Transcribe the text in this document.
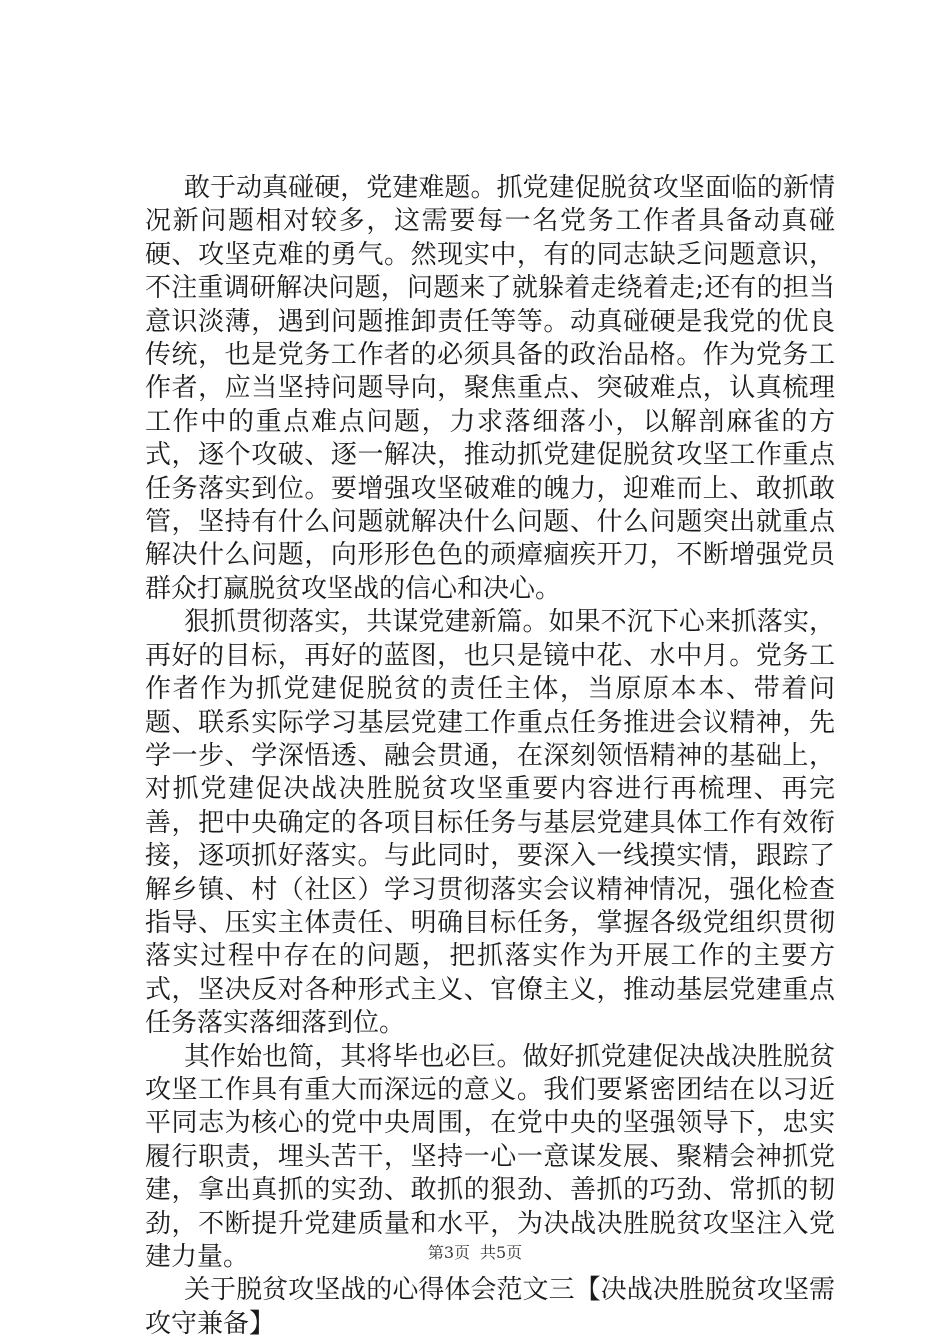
敢于动真碰硬，党建难题。抓党建促脱贫攻坚面临的新情况新问题相对较多，这需要每一名党务工作者具备动真碰硬、攻坚克难的勇气。然现实中，有的同志缺乏问题意识，不注重调研解决问题，问题来了就躲着走绕着走;还有的担当意识淡薄，遇到问题推卸责任等等。动真碰硬是我党的优良传统，也是党务工作者的必须具备的政治品格。作为党务工作者，应当坚持问题导向，聚焦重点、突破难点，认真梳理工作中的重点难点问题，力求落细落小，以解剖麻雀的方式，逐个攻破、逐一解决，推动抓党建促脱贫攻坚工作重点任务落实到位。要增强攻坚破难的魄力，迎难而上、敢抓敢管，坚持有什么问题就解决什么问题、什么问题突出就重点解决什么问题，向形形色色的顽瘴痼疾开刀，不断增强党员群众打赢脱贫攻坚战的信心和决心。

狠抓贯彻落实，共谋党建新篇。如果不沉下心来抓落实，再好的目标，再好的蓝图，也只是镜中花、水中月。党务工作者作为抓党建促脱贫的责任主体，当原原本本、带着问题、联系实际学习基层党建工作重点任务推进会议精神，先学一步、学深悟透、融会贯通，在深刻领悟精神的基础上，对抓党建促决战决胜脱贫攻坚重要内容进行再梳理、再完善，把中央确定的各项目标任务与基层党建具体工作有效衔接，逐项抓好落实。与此同时，要深入一线摸实情，跟踪了解乡镇、村（社区）学习贯彻落实会议精神情况，强化检查指导、压实主体责任、明确目标任务，掌握各级党组织贯彻落实过程中存在的问题，把抓落实作为开展工作的主要方式，坚决反对各种形式主义、官僚主义，推动基层党建重点任务落实落细落到位。

其作始也简，其将毕也必巨。做好抓党建促决战决胜脱贫攻坚工作具有重大而深远的意义。我们要紧密团结在以习近平同志为核心的党中央周围，在党中央的坚强领导下，忠实履行职责，埋头苦干，坚持一心一意谋发展、聚精会神抓党建，拿出真抓的实劲、敢抓的狠劲、善抓的巧劲、常抓的韧劲，不断提升党建质量和水平，为决战决胜脱贫攻坚注入党建力量。

关于脱贫攻坚战的心得体会范文三【决战决胜脱贫攻坚需攻守兼备】

第3页 共5页
